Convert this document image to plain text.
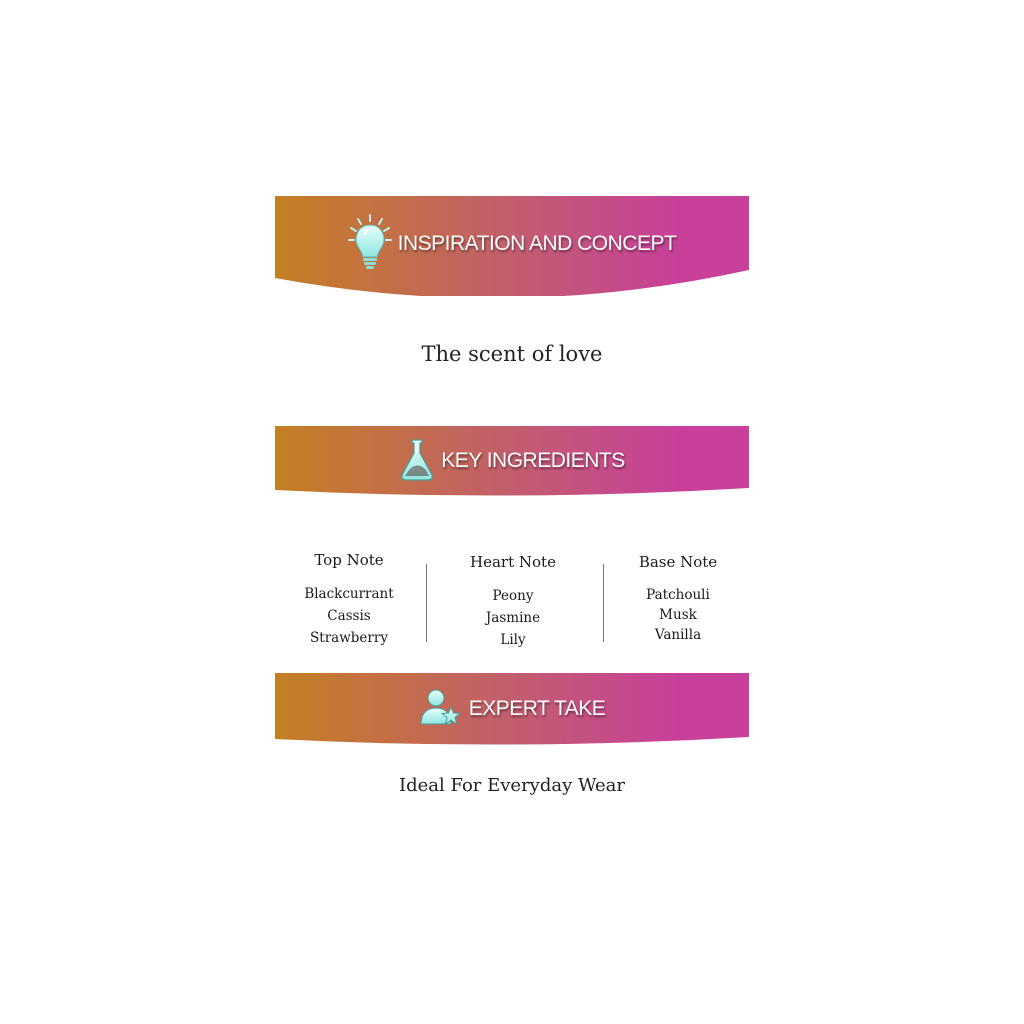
INSPIRATION AND CONCEPT
The scent of love
KEY INGREDIENTS
Top Note
Blackcurrant
Cassis
Strawberry
Heart Note
Peony
Jasmine
Lily
Base Note
Patchouli
Musk
Vanilla
EXPERT TAKE
Ideal For Everyday Wear
